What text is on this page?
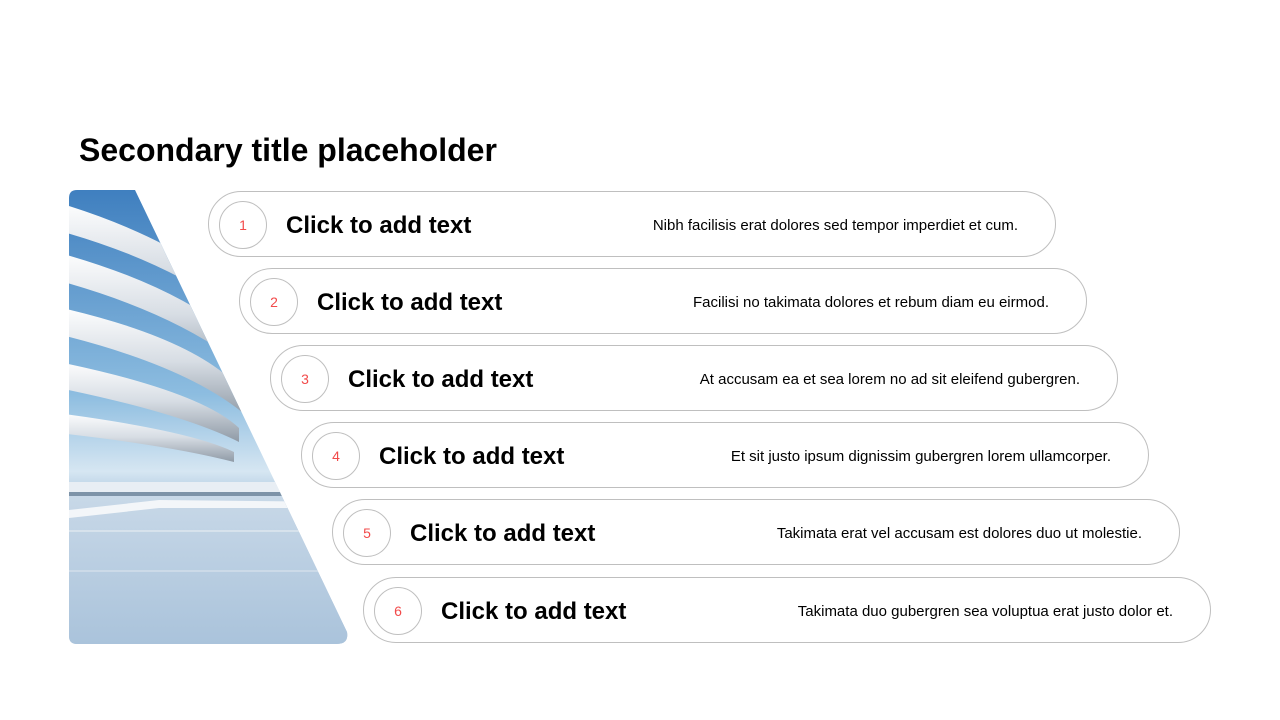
Secondary title placeholder
1	Click to add text	Nibh facilisis erat dolores sed tempor imperdiet et cum.
2	Click to add text	Facilisi no takimata dolores et rebum diam eu eirmod.
3	Click to add text	At accusam ea et sea lorem no ad sit eleifend gubergren.
4	Click to add text	Et sit justo ipsum dignissim gubergren lorem ullamcorper.
5	Click to add text	Takimata erat vel accusam est dolores duo ut molestie.
6	Click to add text	Takimata duo gubergren sea voluptua erat justo dolor et.
